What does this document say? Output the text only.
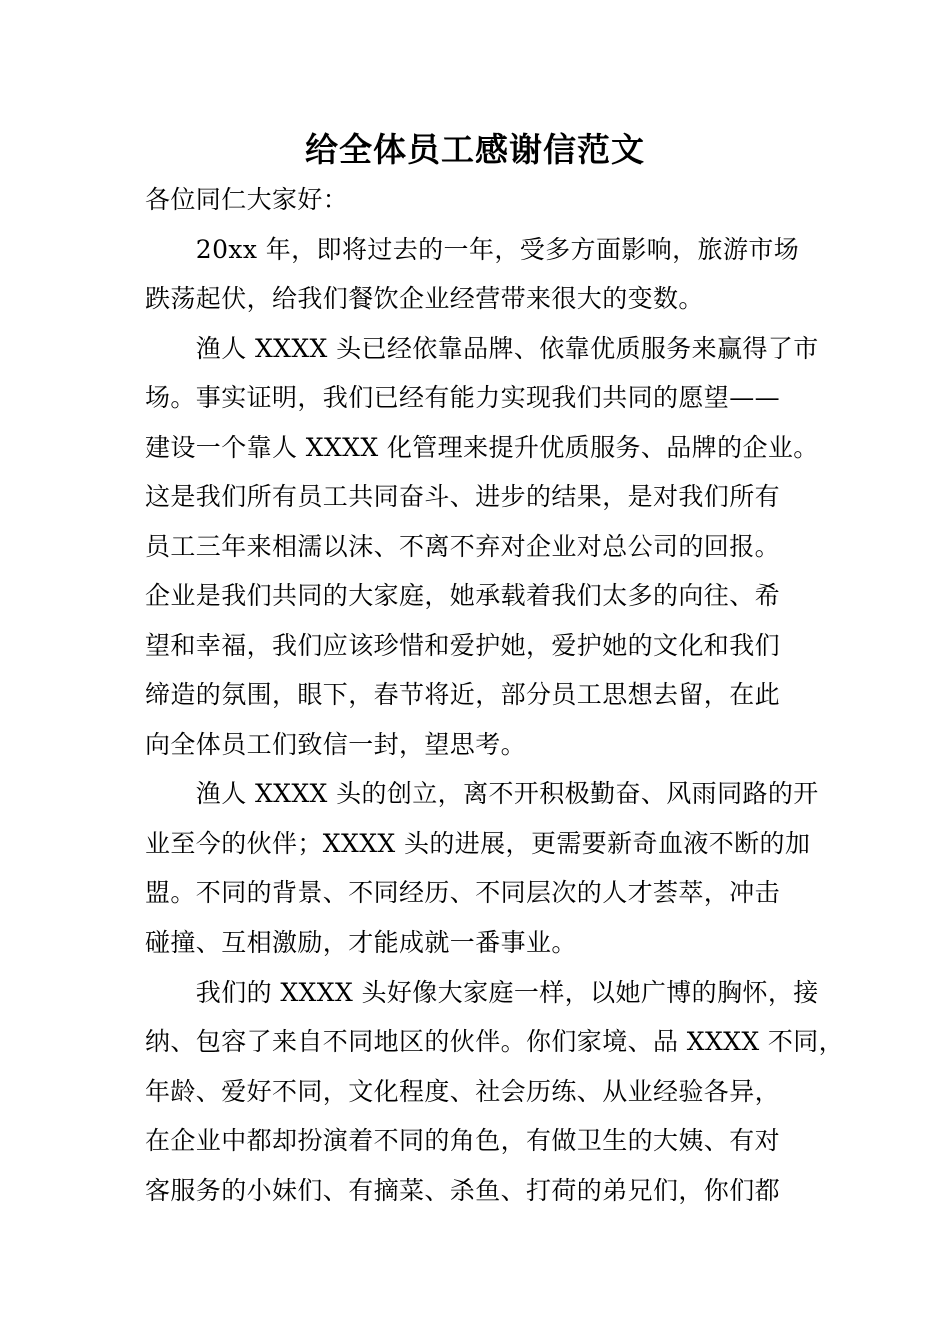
给全体员工感谢信范文
各位同仁大家好：
　　20xx 年，即将过去的一年，受多方面影响，旅游市场
跌荡起伏，给我们餐饮企业经营带来很大的变数。
　　渔人 XXXX 头已经依靠品牌、依靠优质服务来赢得了市
场。事实证明，我们已经有能力实现我们共同的愿望——
建设一个靠人 XXXX 化管理来提升优质服务、品牌的企业。
这是我们所有员工共同奋斗、进步的结果，是对我们所有
员工三年来相濡以沫、不离不弃对企业对总公司的回报。
企业是我们共同的大家庭，她承载着我们太多的向往、希
望和幸福，我们应该珍惜和爱护她，爱护她的文化和我们
缔造的氛围，眼下，春节将近，部分员工思想去留，在此
向全体员工们致信一封，望思考。
　　渔人 XXXX 头的创立，离不开积极勤奋、风雨同路的开
业至今的伙伴；XXXX 头的进展，更需要新奇血液不断的加
盟。不同的背景、不同经历、不同层次的人才荟萃，冲击
碰撞、互相激励，才能成就一番事业。
　　我们的 XXXX 头好像大家庭一样，以她广博的胸怀，接
纳、包容了来自不同地区的伙伴。你们家境、品 XXXX 不同，
年龄、爱好不同，文化程度、社会历练、从业经验各异，
在企业中都却扮演着不同的角色，有做卫生的大姨、有对
客服务的小妹们、有摘菜、杀鱼、打荷的弟兄们，你们都
